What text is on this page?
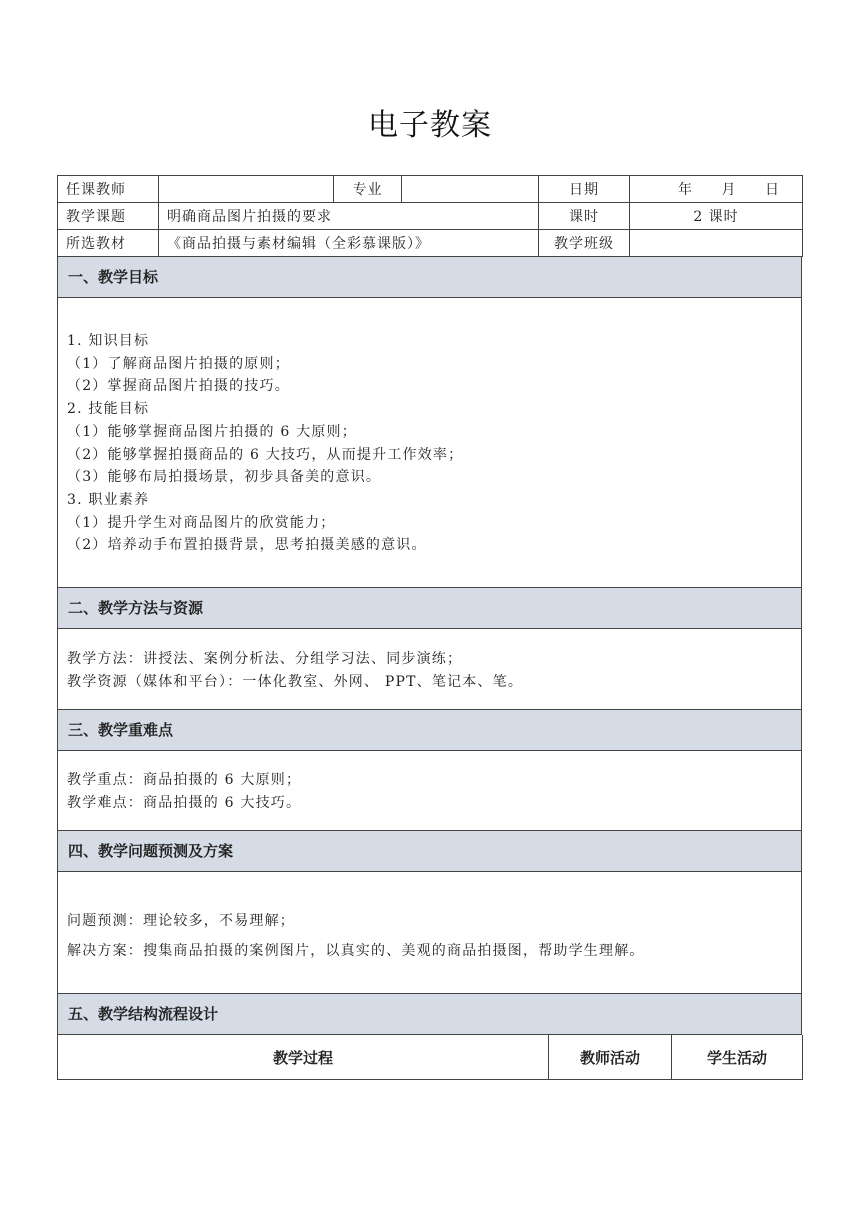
电子教案
任课教师		专业		日期	年 月 日

教学课题	明确商品图片拍摄的要求			课时	2 课时
所选教材	《商品拍摄与素材编辑（全彩慕课版）》			教学班级	
一、教学目标
1. 知识目标
（1）了解商品图片拍摄的原则；
（2）掌握商品图片拍摄的技巧。
2. 技能目标
（1）能够掌握商品图片拍摄的 6 大原则；
（2）能够掌握拍摄商品的 6 大技巧，从而提升工作效率；
（3）能够布局拍摄场景，初步具备美的意识。
3. 职业素养
（1）提升学生对商品图片的欣赏能力；
（2）培养动手布置拍摄背景，思考拍摄美感的意识。
二、教学方法与资源
教学方法：讲授法、案例分析法、分组学习法、同步演练；
教学资源（媒体和平台）：一体化教室、外网、 PPT、笔记本、笔。
三、教学重难点
教学重点：商品拍摄的 6 大原则；
教学难点：商品拍摄的 6 大技巧。
四、教学问题预测及方案
问题预测：理论较多，不易理解；
解决方案：搜集商品拍摄的案例图片，以真实的、美观的商品拍摄图，帮助学生理解。
五、教学结构流程设计
教学过程	教师活动	学生活动
